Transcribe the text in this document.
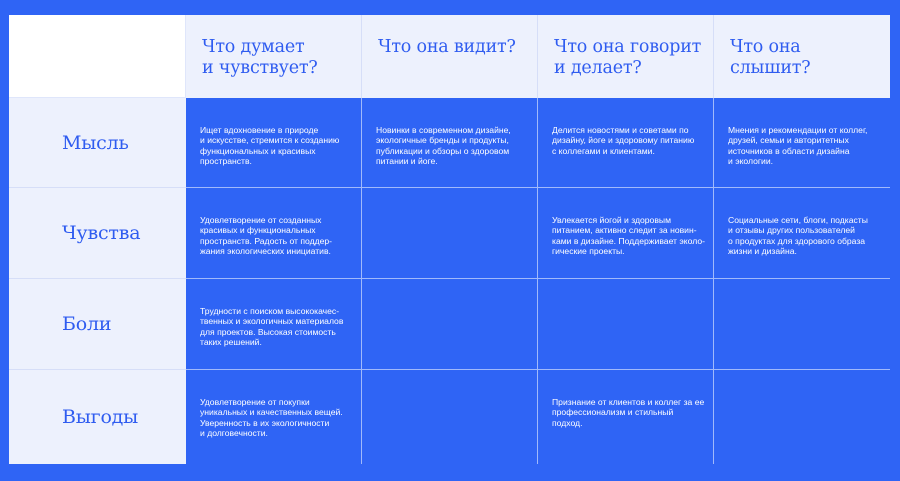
Что думает
и чувствует?
Что она видит? Что она говорит
и делает?
Что она слышит?
Мысль
Ищет вдохновение в природе
и искусстве, стремится к созданию
функциональных и красивых
пространств.
Новинки в современном дизайне,
экологичные бренды и продукты,
публикации и обзоры о здоровом
питании и йоге.
Делится новостями и советами по
дизайну, йоге и здоровому питанию
с коллегами и клиентами.
Мнения и рекомендации от коллег,
друзей, семьи и авторитетных
источников в области дизайна
и экологии.
Чувства
Удовлетворение от созданных
красивых и функциональных
пространств. Радость от поддер-
жания экологических инициатив.
Увлекается йогой и здоровым
питанием, активно следит за новин-
ками в дизайне. Поддерживает эколо-
гические проекты.
Социальные сети, блоги, подкасты
и отзывы других пользователей
о продуктах для здорового образа
жизни и дизайна.
Боли
Трудности с поиском высококачес-
твенных и экологичных материалов
для проектов. Высокая стоимость
таких решений.
Выгоды
Удовлетворение от покупки
уникальных и качественных вещей.
Уверенность в их экологичности
и долговечности.
Признание от клиентов и коллег за ее
профессионализм и стильный подход.
